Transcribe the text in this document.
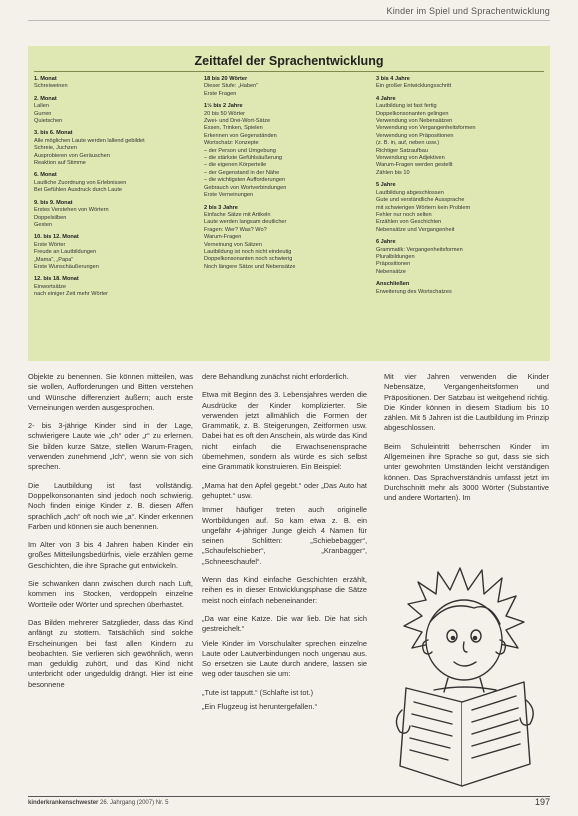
Kinder im Spiel und Sprachentwicklung
Zeittafel der Sprachentwicklung
1. Monat
Schreiweinen
2. Monat
Lallen
Gurren
Quietschen
3. bis 6. Monat
Alle möglichen Laute werden lallend gebildet
Schreie, Juchzen
Ausprobieren von Geräuschen
Reaktion auf Stimme
6. Monat
Lautliche Zuordnung von Erlebnissen
Bei Gefühlen Ausdruck durch Laute
9. bis 9. Monat
Erstes Verstehen von Wörtern
Doppelsilben
Gesten
10. bis 12. Monat
Erste Wörter
Freude an Lautbildungen
„Mama“, „Papa“
Erste Wunschäußerungen
12. bis 18. Monat
Einwortsätze
nach einiger Zeit mehr Wörter
18 bis 20 Wörter
Dieser Stufe: „Haben“
Erste Fragen
1½ bis 2 Jahre
20 bis 50 Wörter
Zwei- und Drei-Wort-Sätze
Essen, Trinken, Spielen
Erkennen von Gegenständen
Wortschatz: Konzepte
– der Person und Umgebung
– die stärkste Gefühlsäußerung
– die eigenen Körperteile
– der Gegenstand in der Nähe
– die wichtigsten Aufforderungen
Gebrauch von Wortverbindungen
Erste Verneinungen
2 bis 3 Jahre
Einfache Sätze mit Artikeln
Laute werden langsam deutlicher
Fragen: Wer? Was? Wo?
Warum-Fragen
Verneinung von Sätzen
Lautbildung ist noch nicht eindeutig
Doppelkonsonanten noch schwierig
Noch längere Sätze und Nebensätze
3 bis 4 Jahre
Ein großer Entwicklungsschritt
4 Jahre
Lautbildung ist fast fertig
Doppelkonsonanten gelingen
Verwendung von Nebensätzen
Verwendung von Vergangenheitsformen
Verwendung von Präpositionen
(z. B. in, auf, neben usw.)
Richtiger Satzaufbau
Verwendung von Adjektiven
Warum-Fragen werden gestellt
Zählen bis 10
5 Jahre
Lautbildung abgeschlossen
Gute und verständliche Aussprache
mit schwierigen Wörtern kein Problem
Fehler nur noch selten
Erzählen von Geschichten
Nebensätze und Vergangenheit
6 Jahre
Grammatik: Vergangenheitsformen
Pluralbildungen
Präpositionen
Nebensätze
Anschließen
Erweiterung des Wortschatzes

Objekte zu benennen. Sie können mitteilen, was sie wollen, Aufforderungen und Bitten verstehen und Wünsche differenziert äußern; auch erste Verneinungen werden ausgesprochen.

2- bis 3-jährige Kinder sind in der Lage, schwierigere Laute wie „ch“ oder „r“ zu erlernen. Sie bilden kurze Sätze, stellen Warum-Fragen, verwenden zunehmend „Ich“, wenn sie von sich sprechen.

Die Lautbildung ist fast vollständig. Doppelkonsonanten sind jedoch noch schwierig. Noch finden einige Kinder z. B. diesen Affen sprachlich „ach“ oft noch wie „a“. Kinder erkennen Farben und können sie auch benennen.

Im Alter von 3 bis 4 Jahren haben Kinder ein großes Mitteilungsbedürfnis, viele erzählen gerne Geschichten, die ihre Sprache gut entwickeln.

Sie schwanken dann zwischen durch nach Luft, kommen ins Stocken, verdoppeln einzelne Wortteile oder Wörter und sprechen überhastet.

Das Bilden mehrerer Satzglieder, dass das Kind anfängt zu stottern. Tatsächlich sind solche Erscheinungen bei fast allen Kindern zu beobachten. Sie verlieren sich gewöhnlich, wenn man geduldig zuhört, und das Kind nicht unterbricht oder ungeduldig drängt. Hier ist eine besonnene

dere Behandlung zunächst nicht erforderlich.

Etwa mit Beginn des 3. Lebensjahres werden die Ausdrücke der Kinder komplizierter. Sie verwenden jetzt allmählich die Formen der Grammatik, z. B. Steigerungen, Zeitformen usw. Dabei hat es oft den Anschein, als würde das Kind nicht einfach die Erwachsenensprache übernehmen, sondern als würde es sich selbst eine Grammatik konstruieren. Ein Beispiel:

„Mama hat den Apfel gegebt.“ oder „Das Auto hat gehuptet.“ usw.

Immer häufiger treten auch originelle Wortbildungen auf. So kam etwa z. B. ein ungefähr 4-jähriger Junge gleich 4 Namen für seinen Schlitten: „Schiebebagger“, „Schaufelschieber“, „Kranbagger“, „Schneeschaufel“.

Wenn das Kind einfache Geschichten erzählt, reihen es in dieser Entwicklungsphase die Sätze meist noch einfach nebeneinander:

„Da war eine Katze. Die war lieb. Die hat sich gestreichelt.“

Viele Kinder im Vorschulalter sprechen einzelne Laute oder Lautverbindungen noch ungenau aus. So ersetzen sie Laute durch andere, lassen sie weg oder tauschen sie um:

„Tute ist tapputt.“ (Schlafte ist tot.)

„Ein Flugzeug ist heruntergefallen.“

Mit vier Jahren verwenden die Kinder Nebensätze, Vergangenheitsformen und Präpositionen. Der Satzbau ist weitgehend richtig. Die Kinder können in diesem Stadium bis 10 zählen. Mit 5 Jahren ist die Lautbildung im Prinzip abgeschlossen.

Beim Schuleintritt beherrschen Kinder im Allgemeinen ihre Sprache so gut, dass sie sich unter gewohnten Umständen leicht verständigen können. Das Sprachverständnis umfasst jetzt im Durchschnitt mehr als 3000 Wörter (Substantive und andere Wortarten). Im

kinderkrankenschwester 26. Jahrgang (2007) Nr. 5	197
